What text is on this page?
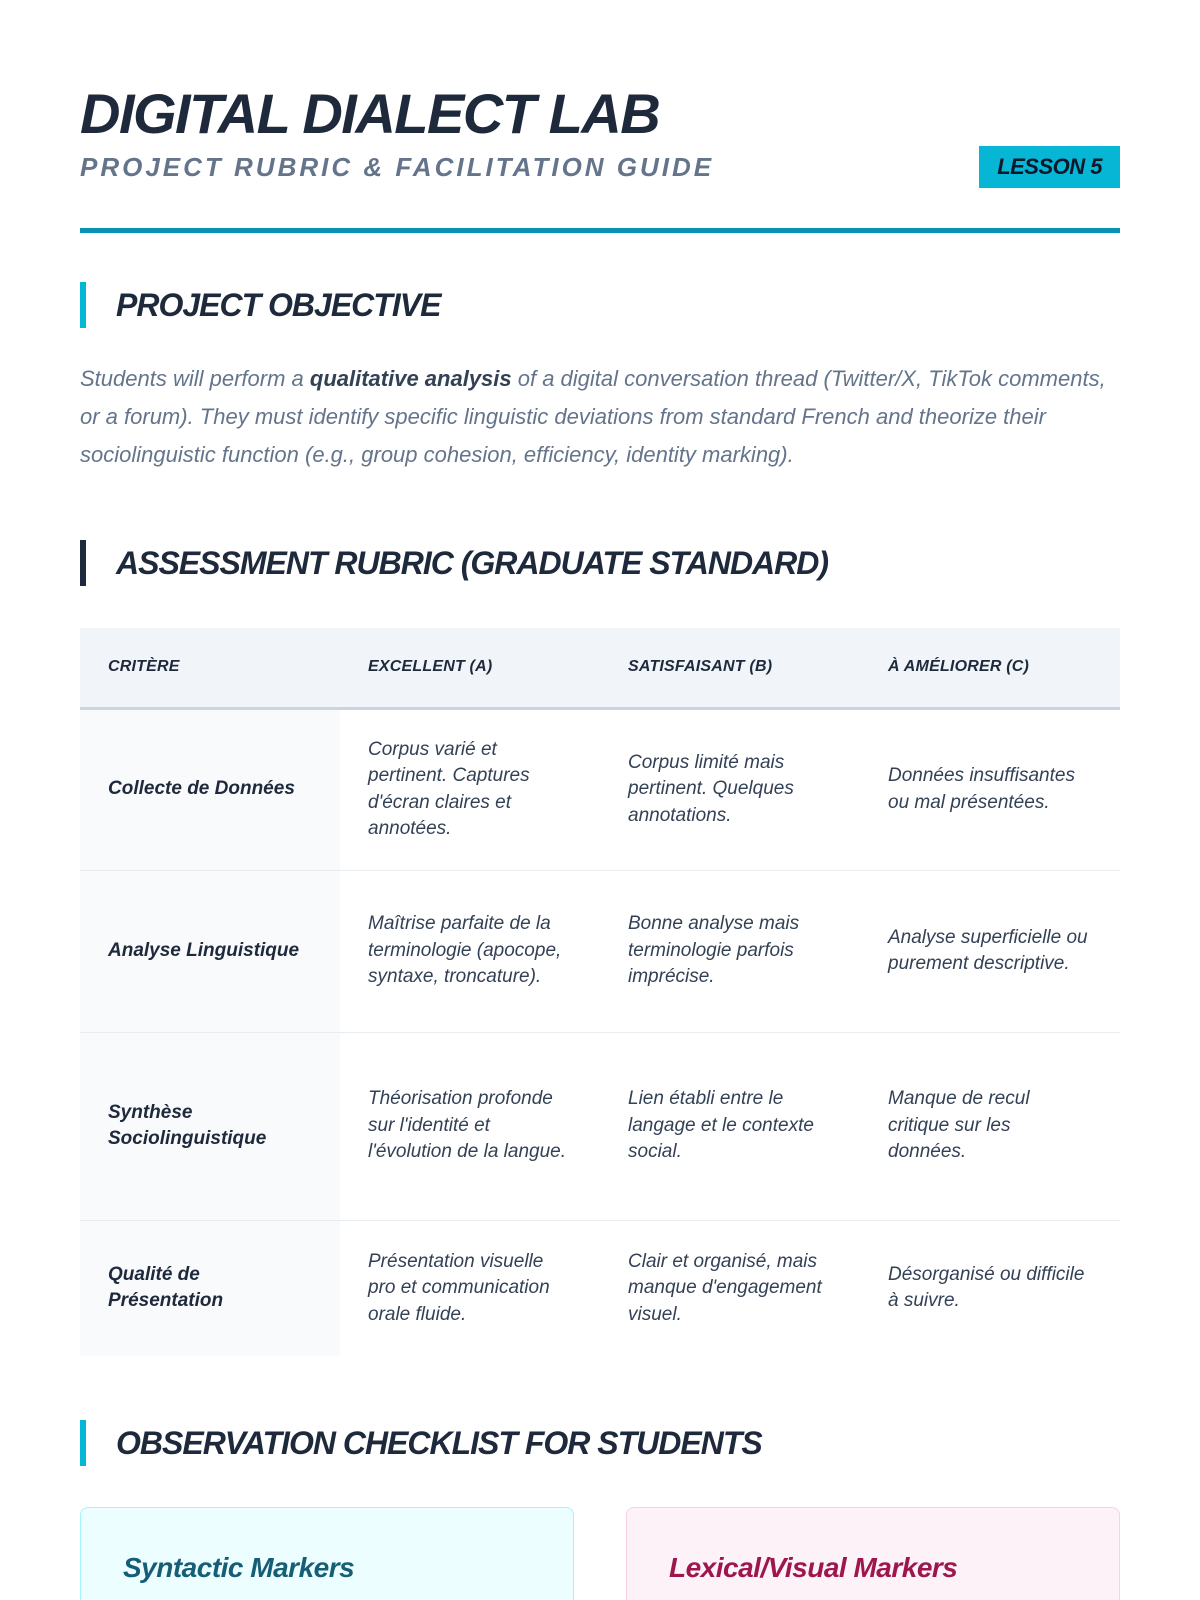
DIGITAL DIALECT LAB
PROJECT RUBRIC & FACILITATION GUIDE	LESSON 5
PROJECT OBJECTIVE

Students will perform a qualitative analysis of a digital conversation thread (Twitter/X, TikTok comments, or a forum). They must identify specific linguistic deviations from standard French and theorize their sociolinguistic function (e.g., group cohesion, efficiency, identity marking).

ASSESSMENT RUBRIC (GRADUATE STANDARD)
CRITÈRE	EXCELLENT (A)	SATISFAISANT (B)	À AMÉLIORER (C)
Collecte de Données	Corpus varié et pertinent. Captures d'écran claires et annotées.	Corpus limité mais pertinent. Quelques annotations.	Données insuffisantes ou mal présentées.
Analyse Linguistique	Maîtrise parfaite de la terminologie (apocope, syntaxe, troncature).	Bonne analyse mais terminologie parfois imprécise.	Analyse superficielle ou purement descriptive.
Synthèse Sociolinguistique	Théorisation profonde sur l'identité et l'évolution de la langue.	Lien établi entre le langage et le contexte social.	Manque de recul critique sur les données.
Qualité de Présentation	Présentation visuelle pro et communication orale fluide.	Clair et organisé, mais manque d'engagement visuel.	Désorganisé ou difficile à suivre.
OBSERVATION CHECKLIST FOR STUDENTS
Syntactic Markers	Lexical/Visual Markers
